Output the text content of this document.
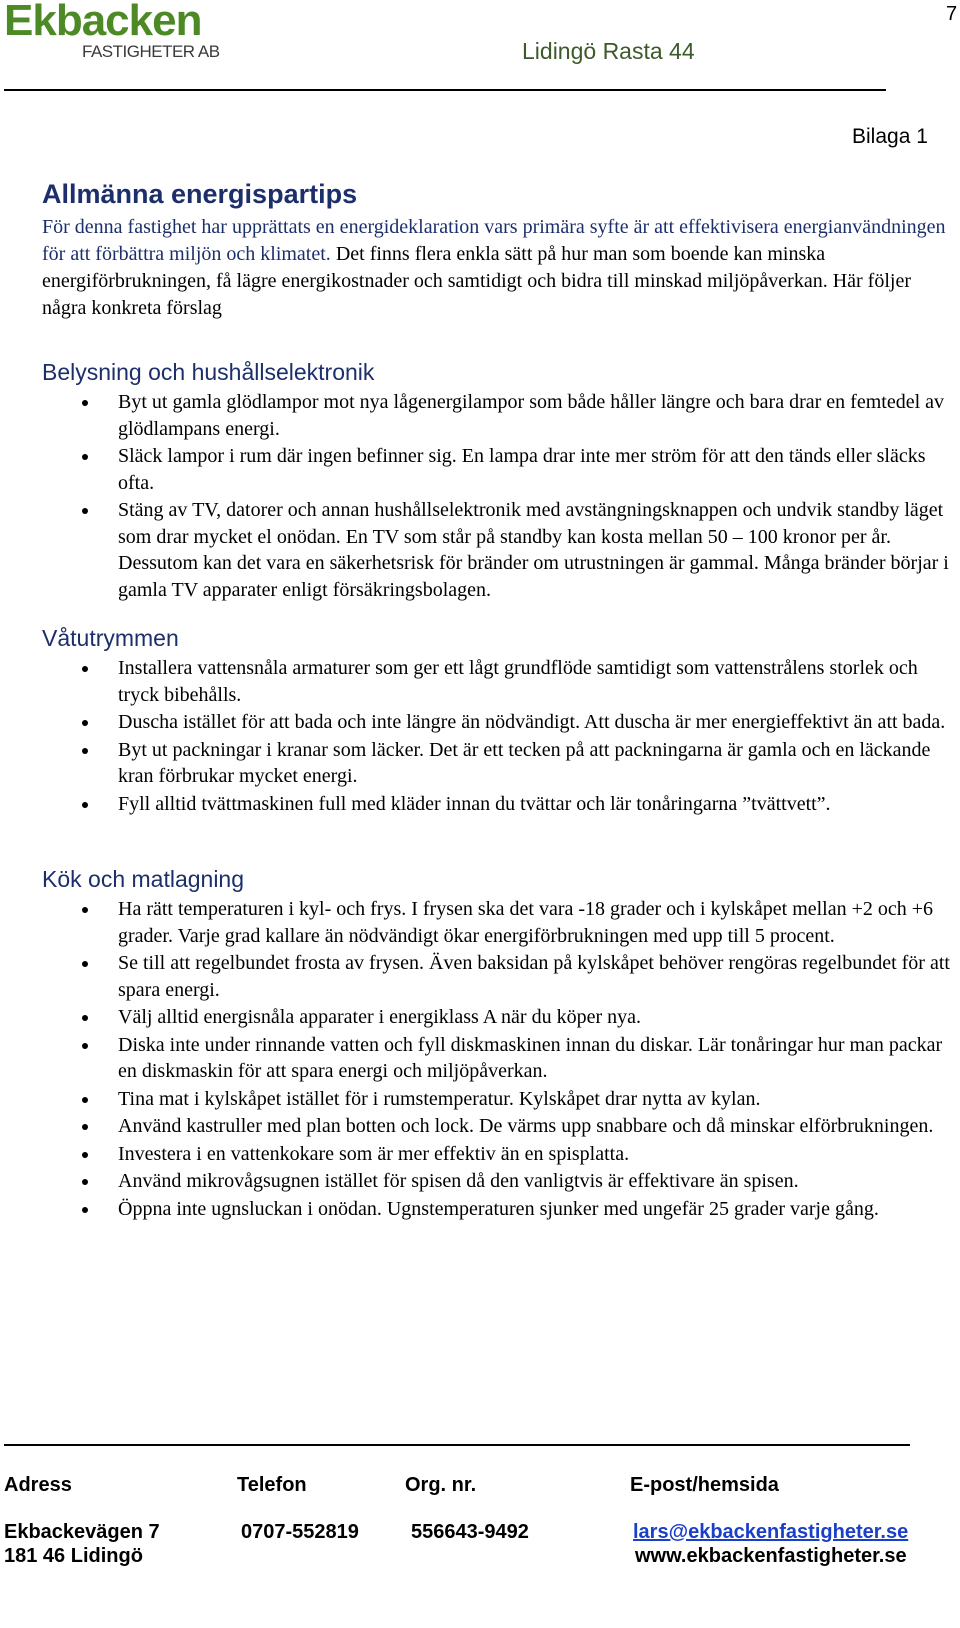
Ekbacken
FASTIGHETER AB	Lidingö Rasta 44
7
Bilaga 1
Allmänna energispartips

För denna fastighet har upprättats en energideklaration vars primära syfte är att effektivisera energianvändningen för att förbättra miljön och klimatet. Det finns flera enkla sätt på hur man som boende kan minska energiförbrukningen, få lägre energikostnader och samtidigt och bidra till minskad miljöpåverkan. Här följer några konkreta förslag

Belysning och hushållselektronik
Byt ut gamla glödlampor mot nya lågenergilampor som både håller längre och bara drar en femtedel av glödlampans energi.
Släck lampor i rum där ingen befinner sig. En lampa drar inte mer ström för att den tänds eller släcks ofta.
Stäng av TV, datorer och annan hushållselektronik med avstängningsknappen och undvik standby läget som drar mycket el onödan. En TV som står på standby kan kosta mellan 50 – 100 kronor per år. Dessutom kan det vara en säkerhetsrisk för bränder om utrustningen är gammal. Många bränder börjar i gamla TV apparater enligt försäkringsbolagen.
Våtutrymmen
Installera vattensnåla armaturer som ger ett lågt grundflöde samtidigt som vattenstrålens storlek och tryck bibehålls.
Duscha istället för att bada och inte längre än nödvändigt. Att duscha är mer energieffektivt än att bada.
Byt ut packningar i kranar som läcker. Det är ett tecken på att packningarna är gamla och en läckande kran förbrukar mycket energi.
Fyll alltid tvättmaskinen full med kläder innan du tvättar och lär tonåringarna ”tvättvett”.
Kök och matlagning
Ha rätt temperaturen i kyl- och frys. I frysen ska det vara -18 grader och i kylskåpet mellan +2 och +6 grader. Varje grad kallare än nödvändigt ökar energiförbrukningen med upp till 5 procent.
Se till att regelbundet frosta av frysen. Även baksidan på kylskåpet behöver rengöras regelbundet för att spara energi.
Välj alltid energisnåla apparater i energiklass A när du köper nya.
Diska inte under rinnande vatten och fyll diskmaskinen innan du diskar. Lär tonåringar hur man packar en diskmaskin för att spara energi och miljöpåverkan.
Tina mat i kylskåpet istället för i rumstemperatur. Kylskåpet drar nytta av kylan.
Använd kastruller med plan botten och lock. De värms upp snabbare och då minskar elförbrukningen.
Investera i en vattenkokare som är mer effektiv än en spisplatta.
Använd mikrovågsugnen istället för spisen då den vanligtvis är effektivare än spisen.
Öppna inte ugnsluckan i onödan. Ugnstemperaturen sjunker med ungefär 25 grader varje gång.
Adress	Telefon	Org. nr.	E-post/hemsida
Ekbackevägen 7
181 46 Lidingö
0707-552819	556643-9492	lars@ekbackenfastigheter.se
www.ekbackenfastigheter.se
